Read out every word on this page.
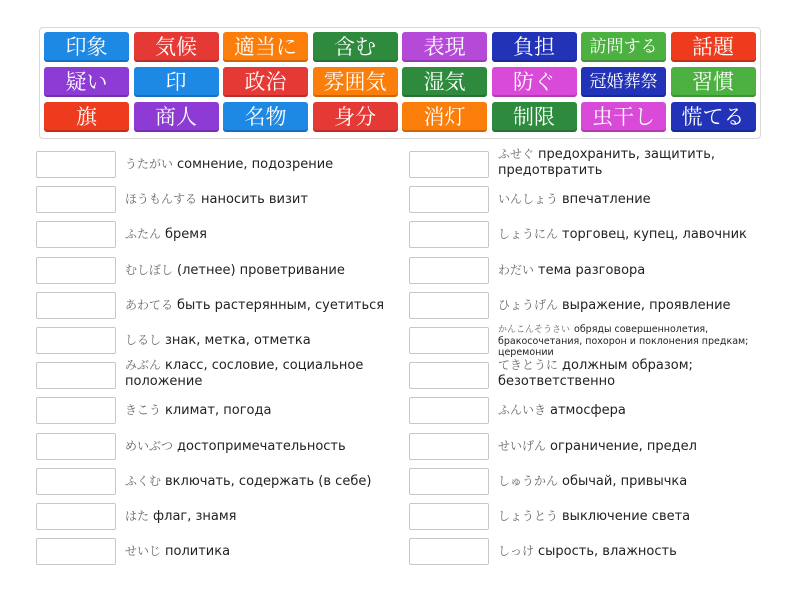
印象 気候 適当に 含む 表現 負担 訪問する 話題
疑い	印	政治 雰囲気 湿気 防ぐ 冠婚葬祭 習慣
旗	商人 名物 身分 消灯 制限 虫干し 慌てる
うたがい сомнение, подозрение
ほうもんする наносить визит
ふたん бремя
むしぼし (летнее) проветривание
あわてる быть растерянным, суетиться
しるし знак, метка, отметка
みぶん класс, сословие, социальное положение
きこう климат, погода
めいぶつ достопримечательность
ふくむ включать, содержать (в себе)
はた флаг, знамя
せいじ политика
ふせぐ предохранить, защитить, предотвратить
いんしょう впечатление
しょうにん торговец, купец, лавочник
わだい тема разговора
ひょうげん выражение, проявление
かんこんそうさい обряды совершеннолетия, бракосочетания, похорон и поклонения предкам; церемонии
てきとうに должным образом; безответственно
ふんいき атмосфера
せいげん ограничение, предел
しゅうかん обычай, привычка
しょうとう выключение света
しっけ сырость, влажность
